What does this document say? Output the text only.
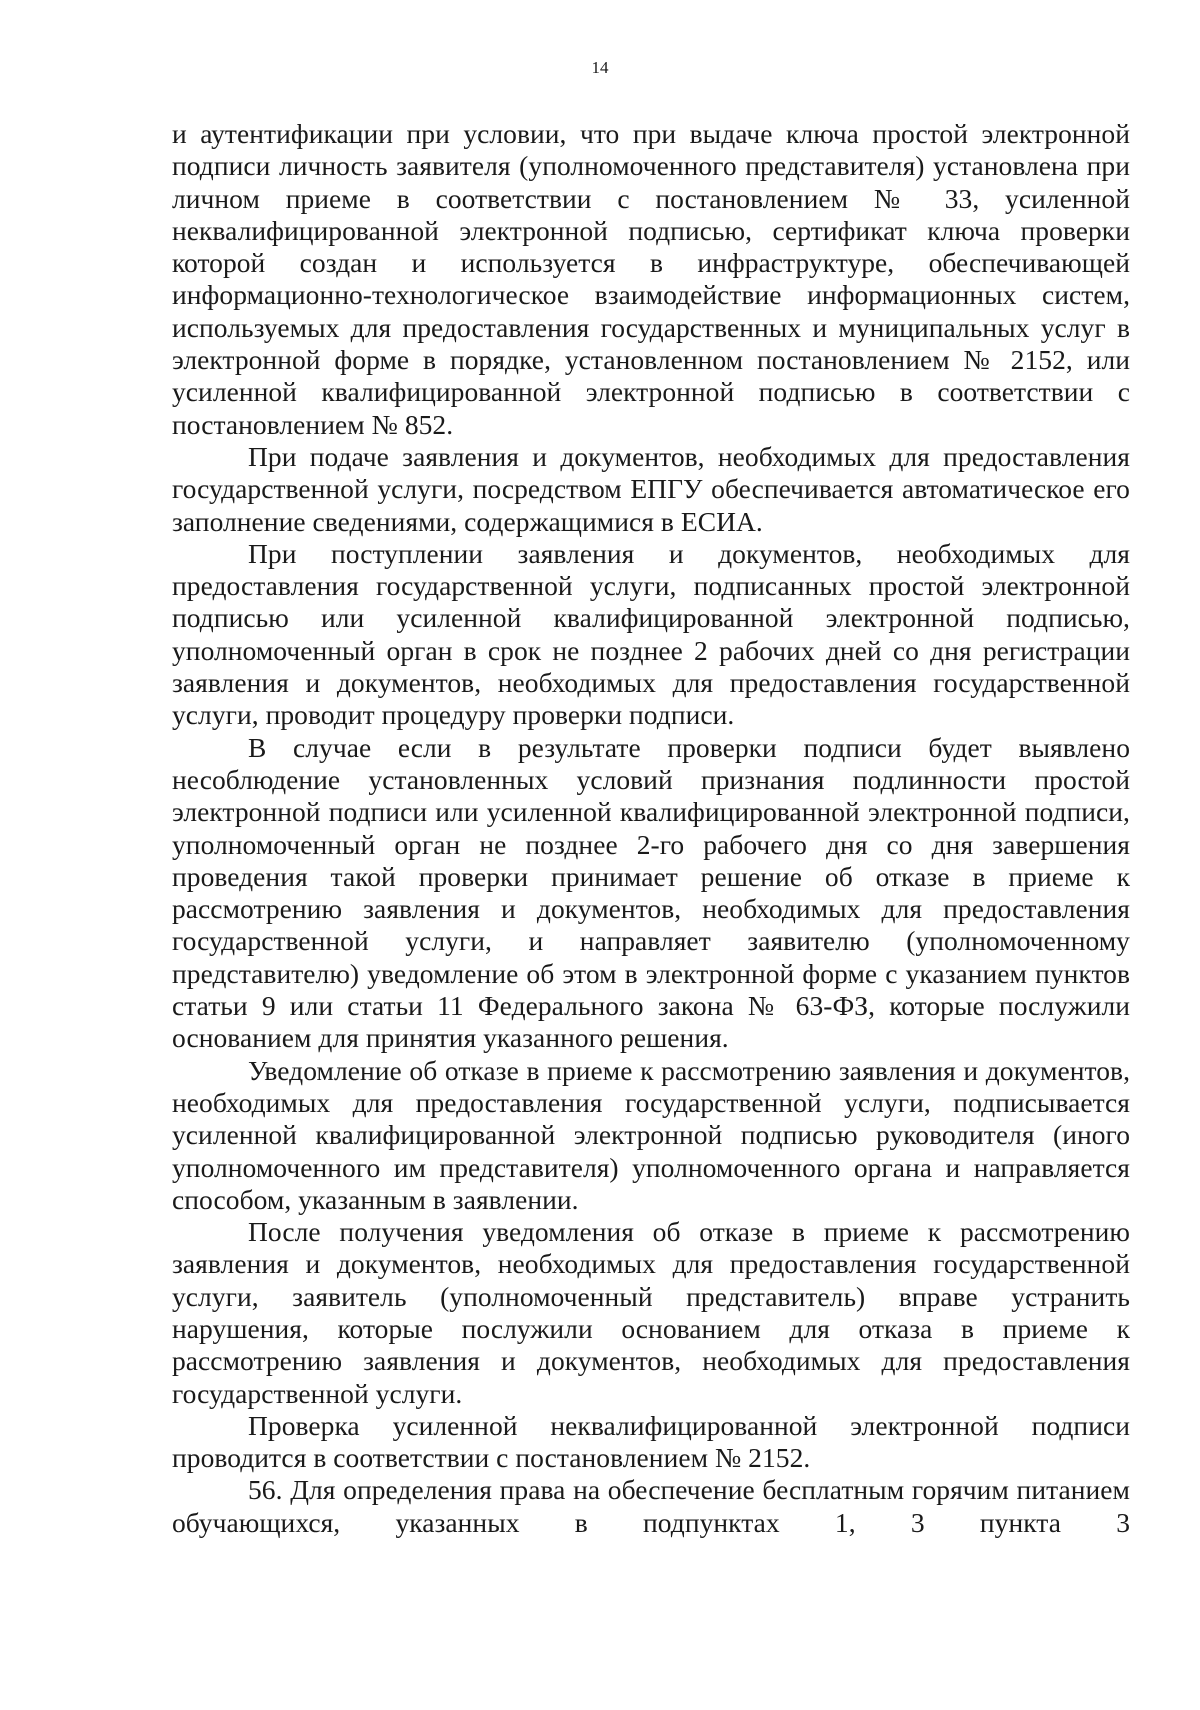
14

и аутентификации при условии, что при выдаче ключа простой электронной подписи личность заявителя (уполномоченного представителя) установлена при личном приеме в соответствии с постановлением № 33, усиленной неквалифицированной электронной подписью, сертификат ключа проверки которой создан и используется в инфраструктуре, обеспечивающей информационно-технологическое взаимодействие информационных систем, используемых для предоставления государственных и муниципальных услуг в электронной форме в порядке, установленном постановлением № 2152, или усиленной квалифицированной электронной подписью в соответствии с постановлением № 852.

При подаче заявления и документов, необходимых для предоставления государственной услуги, посредством ЕПГУ обеспечивается автоматическое его заполнение сведениями, содержащимися в ЕСИА.

При поступлении заявления и документов, необходимых для предоставления государственной услуги, подписанных простой электронной подписью или усиленной квалифицированной электронной подписью, уполномоченный орган в срок не позднее 2 рабочих дней со дня регистрации заявления и документов, необходимых для предоставления государственной услуги, проводит процедуру проверки подписи.

В случае если в результате проверки подписи будет выявлено несоблюдение установленных условий признания подлинности простой электронной подписи или усиленной квалифицированной электронной подписи, уполномоченный орган не позднее 2-го рабочего дня со дня завершения проведения такой проверки принимает решение об отказе в приеме к рассмотрению заявления и документов, необходимых для предоставления государственной услуги, и направляет заявителю (уполномоченному представителю) уведомление об этом в электронной форме с указанием пунктов статьи 9 или статьи 11 Федерального закона № 63-ФЗ, которые послужили основанием для принятия указанного решения.

Уведомление об отказе в приеме к рассмотрению заявления и документов, необходимых для предоставления государственной услуги, подписывается усиленной квалифицированной электронной подписью руководителя (иного уполномоченного им представителя) уполномоченного органа и направляется способом, указанным в заявлении.

После получения уведомления об отказе в приеме к рассмотрению заявления и документов, необходимых для предоставления государственной услуги, заявитель (уполномоченный представитель) вправе устранить нарушения, которые послужили основанием для отказа в приеме к рассмотрению заявления и документов, необходимых для предоставления государственной услуги.

Проверка усиленной неквалифицированной электронной подписи проводится в соответствии с постановлением № 2152.

56. Для определения права на обеспечение бесплатным горячим питанием обучающихся, указанных в подпунктах 1, 3 пункта 3
